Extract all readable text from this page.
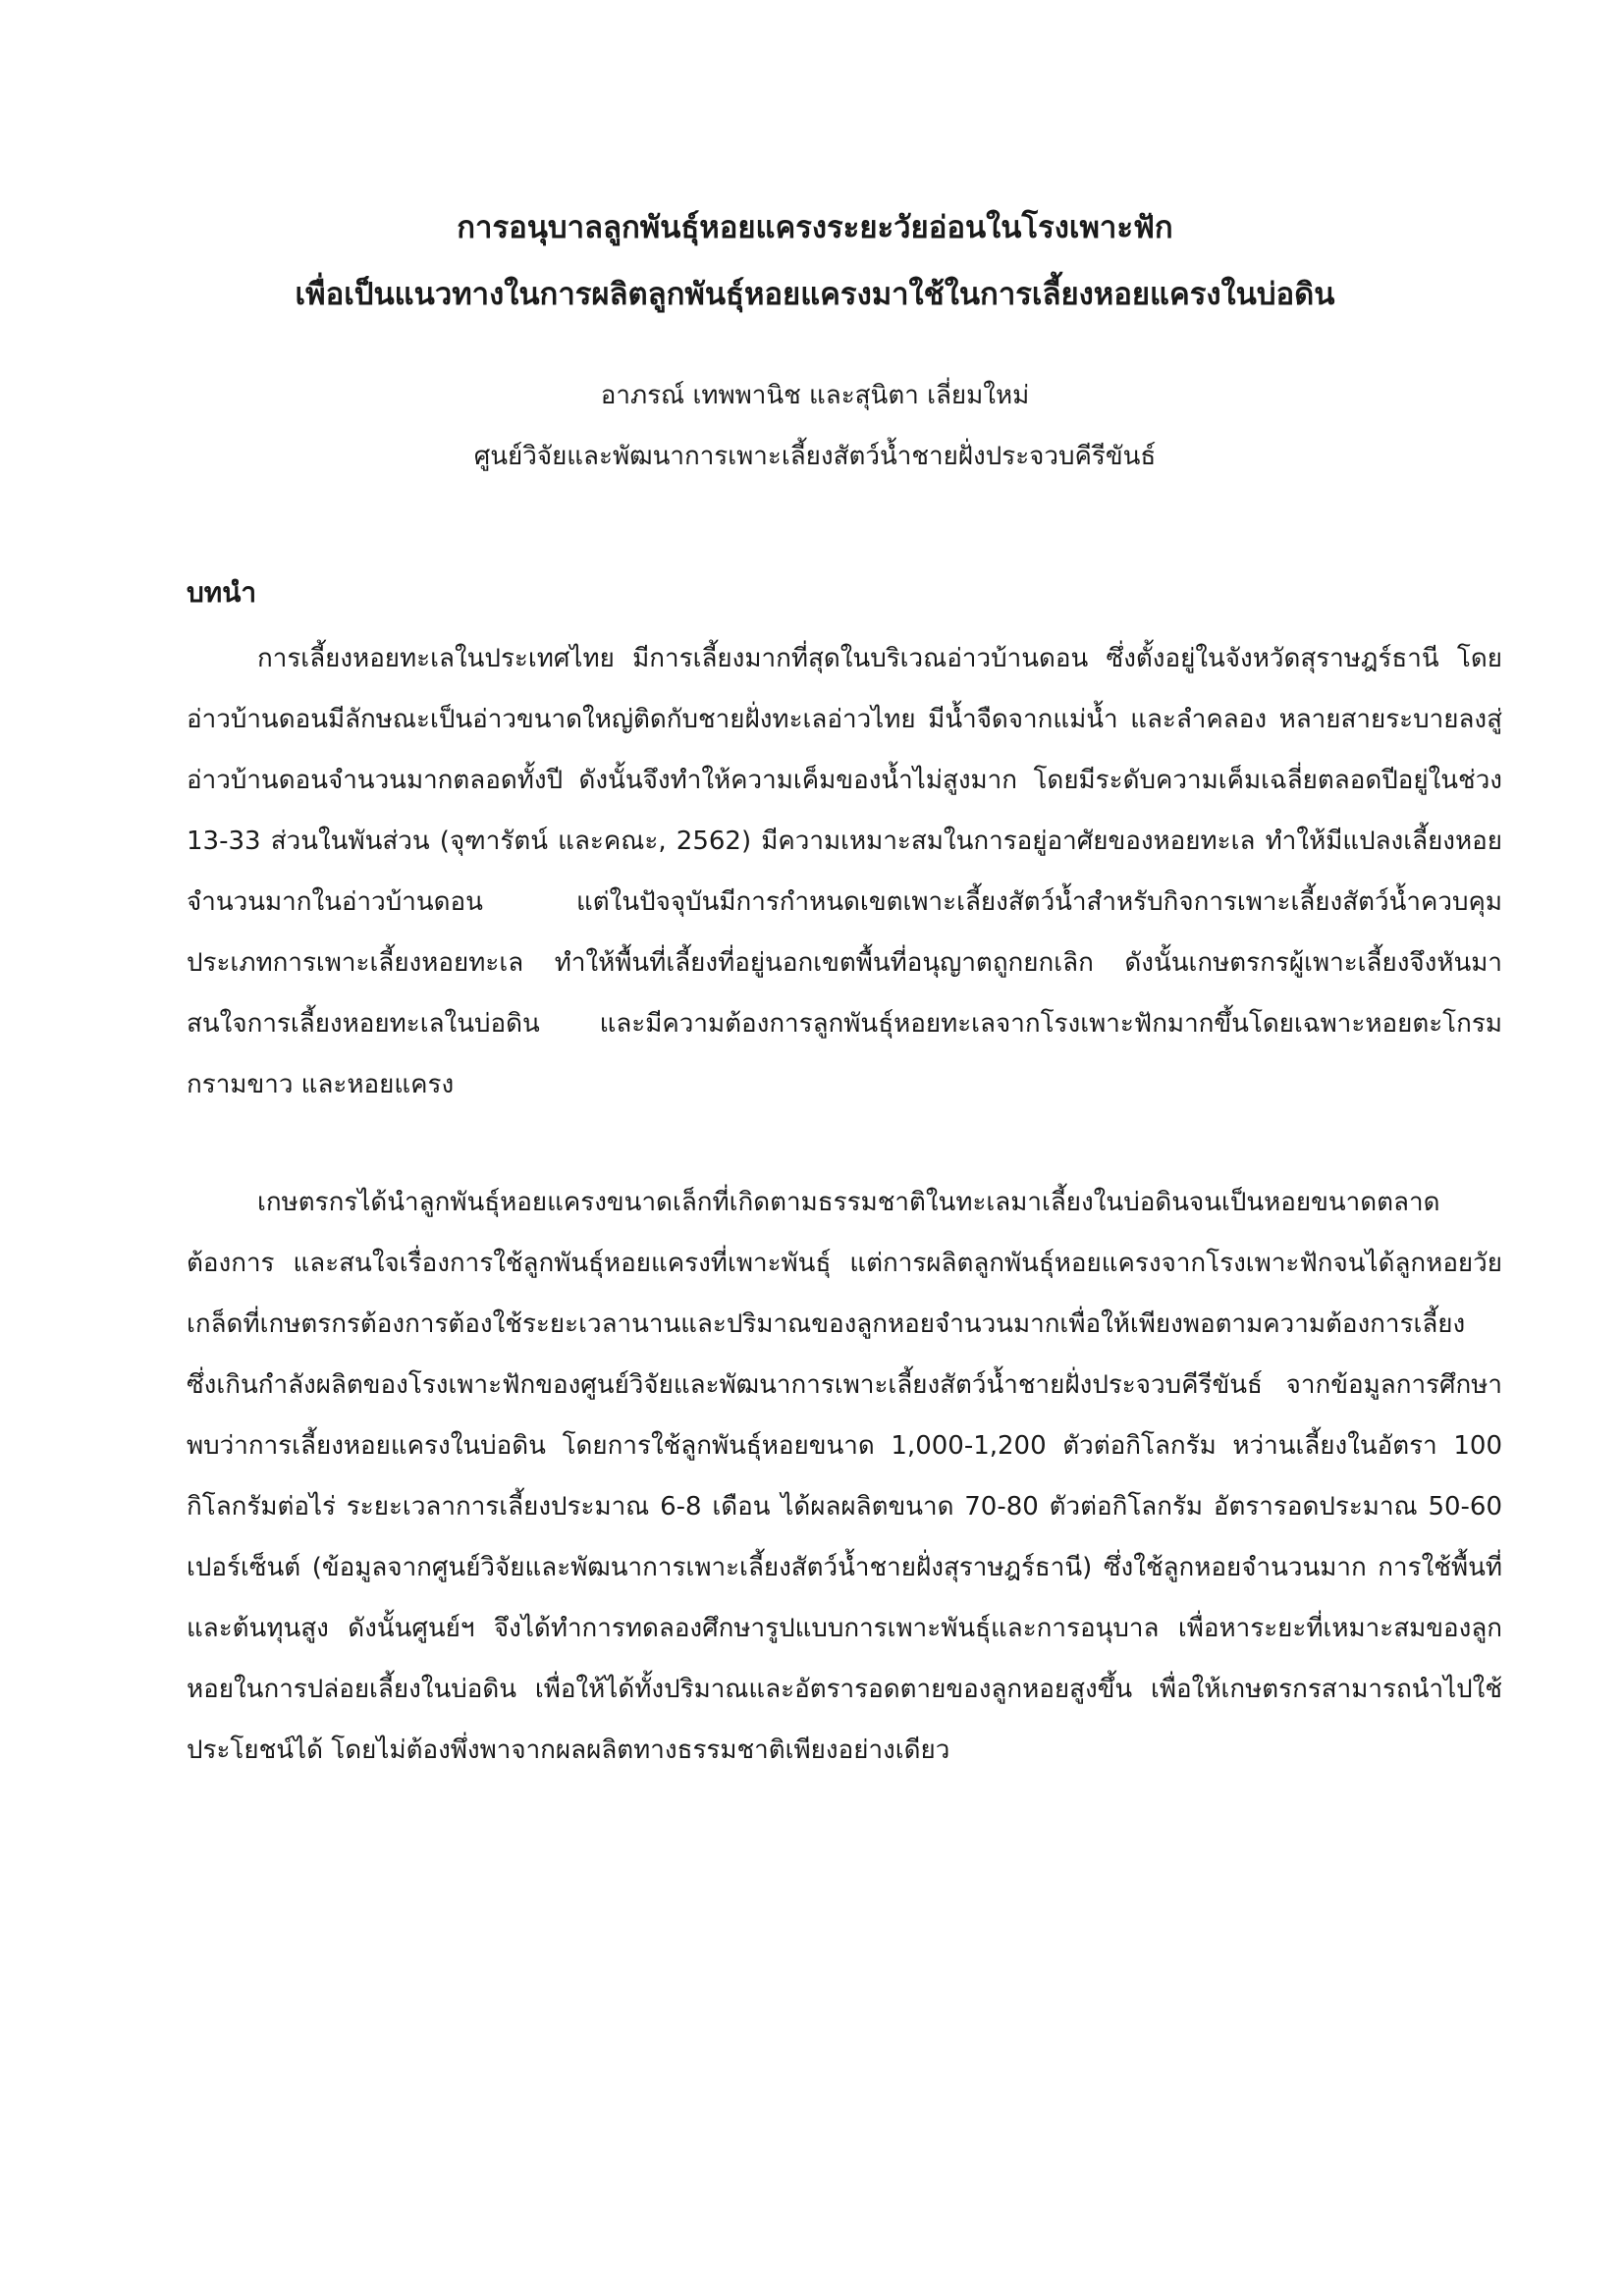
การอนุบาลลูกพันธุ์หอยแครงระยะวัยอ่อนในโรงเพาะฟัก

เพื่อเป็นแนวทางในการผลิตลูกพันธุ์หอยแครงมาใช้ในการเลี้ยงหอยแครงในบ่อดิน

อาภรณ์ เทพพานิช และสุนิตา เลี่ยมใหม่

ศูนย์วิจัยและพัฒนาการเพาะเลี้ยงสัตว์น้ำชายฝั่งประจวบคีรีขันธ์

บทนำ

การเลี้ยงหอยทะเลในประเทศไทย มีการเลี้ยงมากที่สุดในบริเวณอ่าวบ้านดอน ซึ่งตั้งอยู่ในจังหวัดสุราษฎร์ธานี โดยอ่าวบ้านดอนมีลักษณะเป็นอ่าวขนาดใหญ่ติดกับชายฝั่งทะเลอ่าวไทย มีน้ำจืดจากแม่น้ำ และลำคลอง หลายสายระบายลงสู่อ่าวบ้านดอนจำนวนมากตลอดทั้งปี ดังนั้นจึงทำให้ความเค็มของน้ำไม่สูงมาก โดยมีระดับความเค็มเฉลี่ยตลอดปีอยู่ในช่วง 13-33 ส่วนในพันส่วน (จุฑารัตน์ และคณะ, 2562) มีความเหมาะสมในการอยู่อาศัยของหอยทะเล ทำให้มีแปลงเลี้ยงหอยจำนวนมากในอ่าวบ้านดอน แต่ในปัจจุบันมีการกำหนดเขตเพาะเลี้ยงสัตว์น้ำสำหรับกิจการเพาะเลี้ยงสัตว์น้ำควบคุม ประเภทการเพาะเลี้ยงหอยทะเล ทำให้พื้นที่เลี้ยงที่อยู่นอกเขตพื้นที่อนุญาตถูกยกเลิก ดังนั้นเกษตรกรผู้เพาะเลี้ยงจึงหันมาสนใจการเลี้ยงหอยทะเลในบ่อดิน และมีความต้องการลูกพันธุ์หอยทะเลจากโรงเพาะฟักมากขึ้นโดยเฉพาะหอยตะโกรมกรามขาว และหอยแครง

เกษตรกรได้นำลูกพันธุ์หอยแครงขนาดเล็กที่เกิดตามธรรมชาติในทะเลมาเลี้ยงในบ่อดินจนเป็นหอยขนาดตลาดต้องการ และสนใจเรื่องการใช้ลูกพันธุ์หอยแครงที่เพาะพันธุ์ แต่การผลิตลูกพันธุ์หอยแครงจากโรงเพาะฟักจนได้ลูกหอยวัยเกล็ดที่เกษตรกรต้องการต้องใช้ระยะเวลานานและปริมาณของลูกหอยจำนวนมากเพื่อให้เพียงพอตามความต้องการเลี้ยง ซึ่งเกินกำลังผลิตของโรงเพาะฟักของศูนย์วิจัยและพัฒนาการเพาะเลี้ยงสัตว์น้ำชายฝั่งประจวบคีรีขันธ์ จากข้อมูลการศึกษาพบว่าการเลี้ยงหอยแครงในบ่อดิน โดยการใช้ลูกพันธุ์หอยขนาด 1,000-1,200 ตัวต่อกิโลกรัม หว่านเลี้ยงในอัตรา 100 กิโลกรัมต่อไร่ ระยะเวลาการเลี้ยงประมาณ 6-8 เดือน ได้ผลผลิตขนาด 70-80 ตัวต่อกิโลกรัม อัตรารอดประมาณ 50-60 เปอร์เซ็นต์ (ข้อมูลจากศูนย์วิจัยและพัฒนาการเพาะเลี้ยงสัตว์น้ำชายฝั่งสุราษฎร์ธานี) ซึ่งใช้ลูกหอยจำนวนมาก การใช้พื้นที่และต้นทุนสูง ดังนั้นศูนย์ฯ จึงได้ทำการทดลองศึกษารูปแบบการเพาะพันธุ์และการอนุบาล เพื่อหาระยะที่เหมาะสมของลูกหอยในการปล่อยเลี้ยงในบ่อดิน เพื่อให้ได้ทั้งปริมาณและอัตรารอดตายของลูกหอยสูงขึ้น เพื่อให้เกษตรกรสามารถนำไปใช้ประโยชน์ได้ โดยไม่ต้องพึ่งพาจากผลผลิตทางธรรมชาติเพียงอย่างเดียว
